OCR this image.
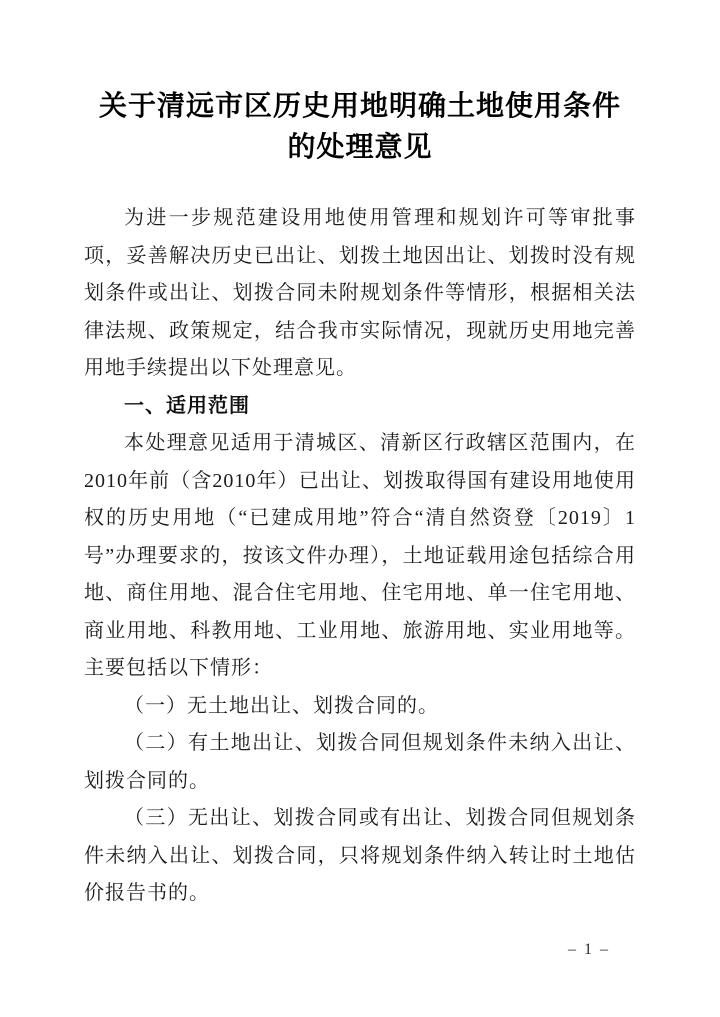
关于清远市区历史用地明确土地使用条件
的处理意见

为进一步规范建设用地使用管理和规划许可等审批事项，妥善解决历史已出让、划拨土地因出让、划拨时没有规划条件或出让、划拨合同未附规划条件等情形，根据相关法律法规、政策规定，结合我市实际情况，现就历史用地完善用地手续提出以下处理意见。

一、适用范围

本处理意见适用于清城区、清新区行政辖区范围内，在2010年前（含2010年）已出让、划拨取得国有建设用地使用权的历史用地（“已建成用地”符合“清自然资登〔2019〕1号”办理要求的，按该文件办理），土地证载用途包括综合用地、商住用地、混合住宅用地、住宅用地、单一住宅用地、商业用地、科教用地、工业用地、旅游用地、实业用地等。主要包括以下情形：

（一）无土地出让、划拨合同的。

（二）有土地出让、划拨合同但规划条件未纳入出让、划拨合同的。

（三）无出让、划拨合同或有出让、划拨合同但规划条件未纳入出让、划拨合同，只将规划条件纳入转让时土地估价报告书的。

– 1 –
